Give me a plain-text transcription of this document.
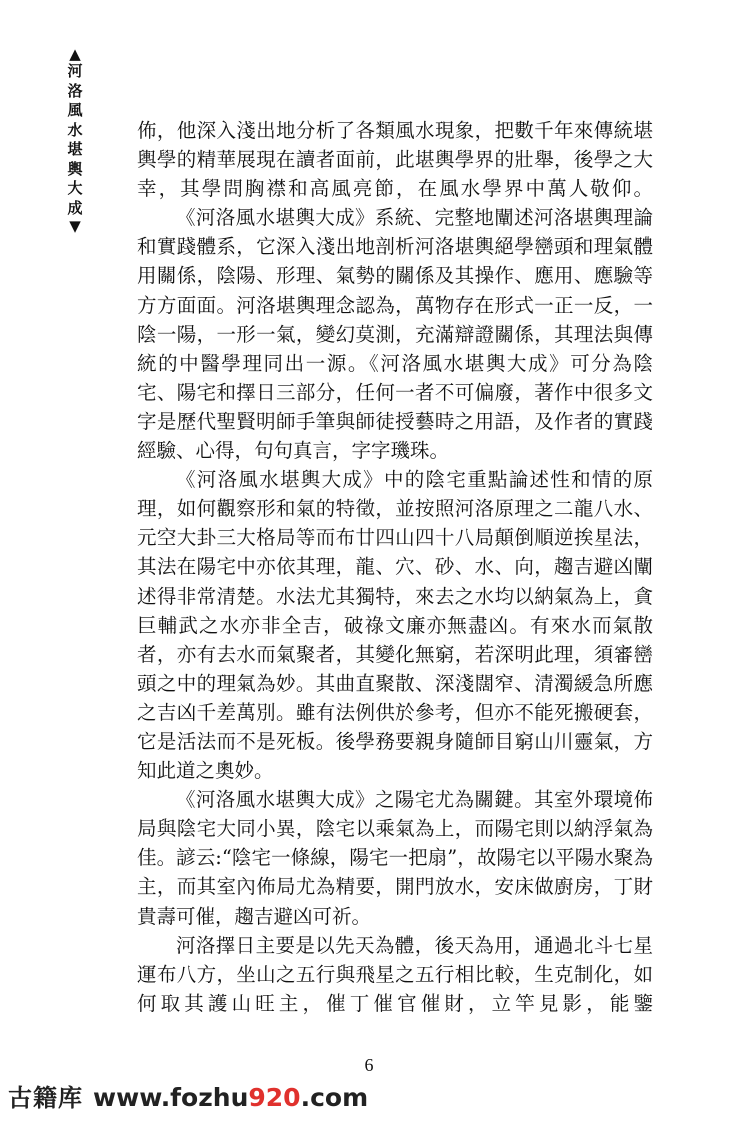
▲
河洛風水堪輿大成
▼

佈，他深入淺出地分析了各類風水現象，把數千年來傳統堪輿學的精華展現在讀者面前，此堪輿學界的壯舉，後學之大幸，其學問胸襟和高風亮節，在風水學界中萬人敬仰。

《河洛風水堪輿大成》系統、完整地闡述河洛堪輿理論和實踐體系，它深入淺出地剖析河洛堪輿絕學巒頭和理氣體用關係，陰陽、形理、氣勢的關係及其操作、應用、應驗等方方面面。河洛堪輿理念認為，萬物存在形式一正一反，一陰一陽，一形一氣，變幻莫測，充滿辯證關係，其理法與傳統的中醫學理同出一源。《河洛風水堪輿大成》可分為陰宅、陽宅和擇日三部分，任何一者不可偏廢，著作中很多文字是歷代聖賢明師手筆與師徒授藝時之用語，及作者的實踐經驗、心得，句句真言，字字璣珠。

《河洛風水堪輿大成》中的陰宅重點論述性和情的原理，如何觀察形和氣的特徵，並按照河洛原理之二龍八水、元空大卦三大格局等而布廿四山四十八局顛倒順逆挨星法，其法在陽宅中亦依其理，龍、穴、砂、水、向，趨吉避凶闡述得非常清楚。水法尤其獨特，來去之水均以納氣為上，貪巨輔武之水亦非全吉，破祿文廉亦無盡凶。有來水而氣散者，亦有去水而氣聚者，其變化無窮，若深明此理，須審巒頭之中的理氣為妙。其曲直聚散、深淺闊窄、清濁緩急所應之吉凶千差萬別。雖有法例供於參考，但亦不能死搬硬套，它是活法而不是死板。後學務要親身隨師目窮山川靈氣，方知此道之奧妙。

《河洛風水堪輿大成》之陽宅尤為關鍵。其室外環境佈局與陰宅大同小異，陰宅以乘氣為上，而陽宅則以納浮氣為佳。諺云:“陰宅一條線，陽宅一把扇”，故陽宅以平陽水聚為主，而其室內佈局尤為精要，開門放水，安床做廚房，丁財貴壽可催，趨吉避凶可祈。

河洛擇日主要是以先天為體，後天為用，通過北斗七星運布八方，坐山之五行與飛星之五行相比較，生克制化，如何取其護山旺主，催丁催官催財，立竿見影，能鑒

6
古籍库 www.fozhu920.com
